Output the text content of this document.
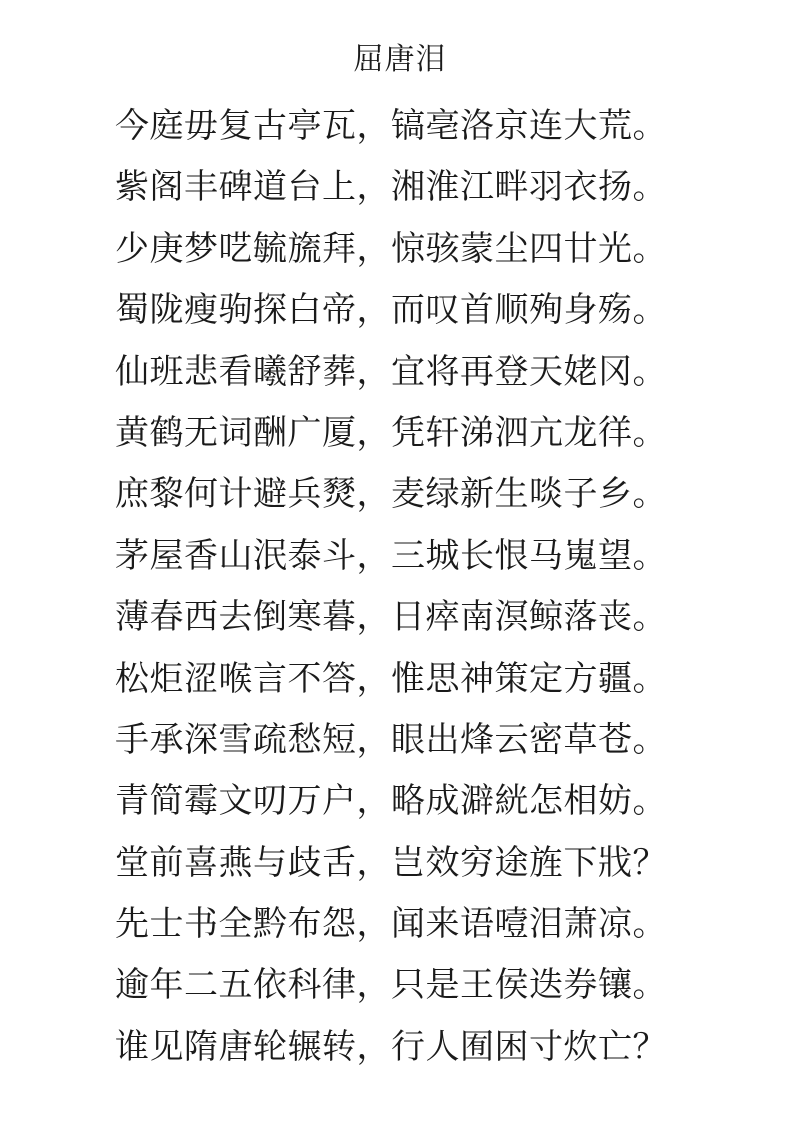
屈唐泪
今庭毋复古亭瓦，镐亳洛京连大荒。
紫阁丰碑道台上，湘淮江畔羽衣扬。
少庚梦呓毓旒拜，惊骇蒙尘四廿光。
蜀陇瘦驹探白帝，而叹首顺殉身殇。
仙班悲看曦舒葬，宜将再登天姥冈。
黄鹤无词酬广厦，凭轩涕泗亢龙徉。
庶黎何计避兵燹，麦绿新生啖子乡。
茅屋香山泯泰斗，三城长恨马嵬望。
薄春西去倒寒暮，日瘁南溟鲸落丧。
松炬涩喉言不答，惟思神策定方疆。
手承深雪疏愁短，眼出烽云密草苍。
青简霉文叨万户，略成澼絖怎相妨。
堂前喜燕与歧舌，岂效穷途旌下戕？
先士书全黔布怨，闻来语噎泪萧凉。
逾年二五依科律，只是王侯迭券镶。
谁见隋唐轮辗转，行人囿困寸炊亡？
